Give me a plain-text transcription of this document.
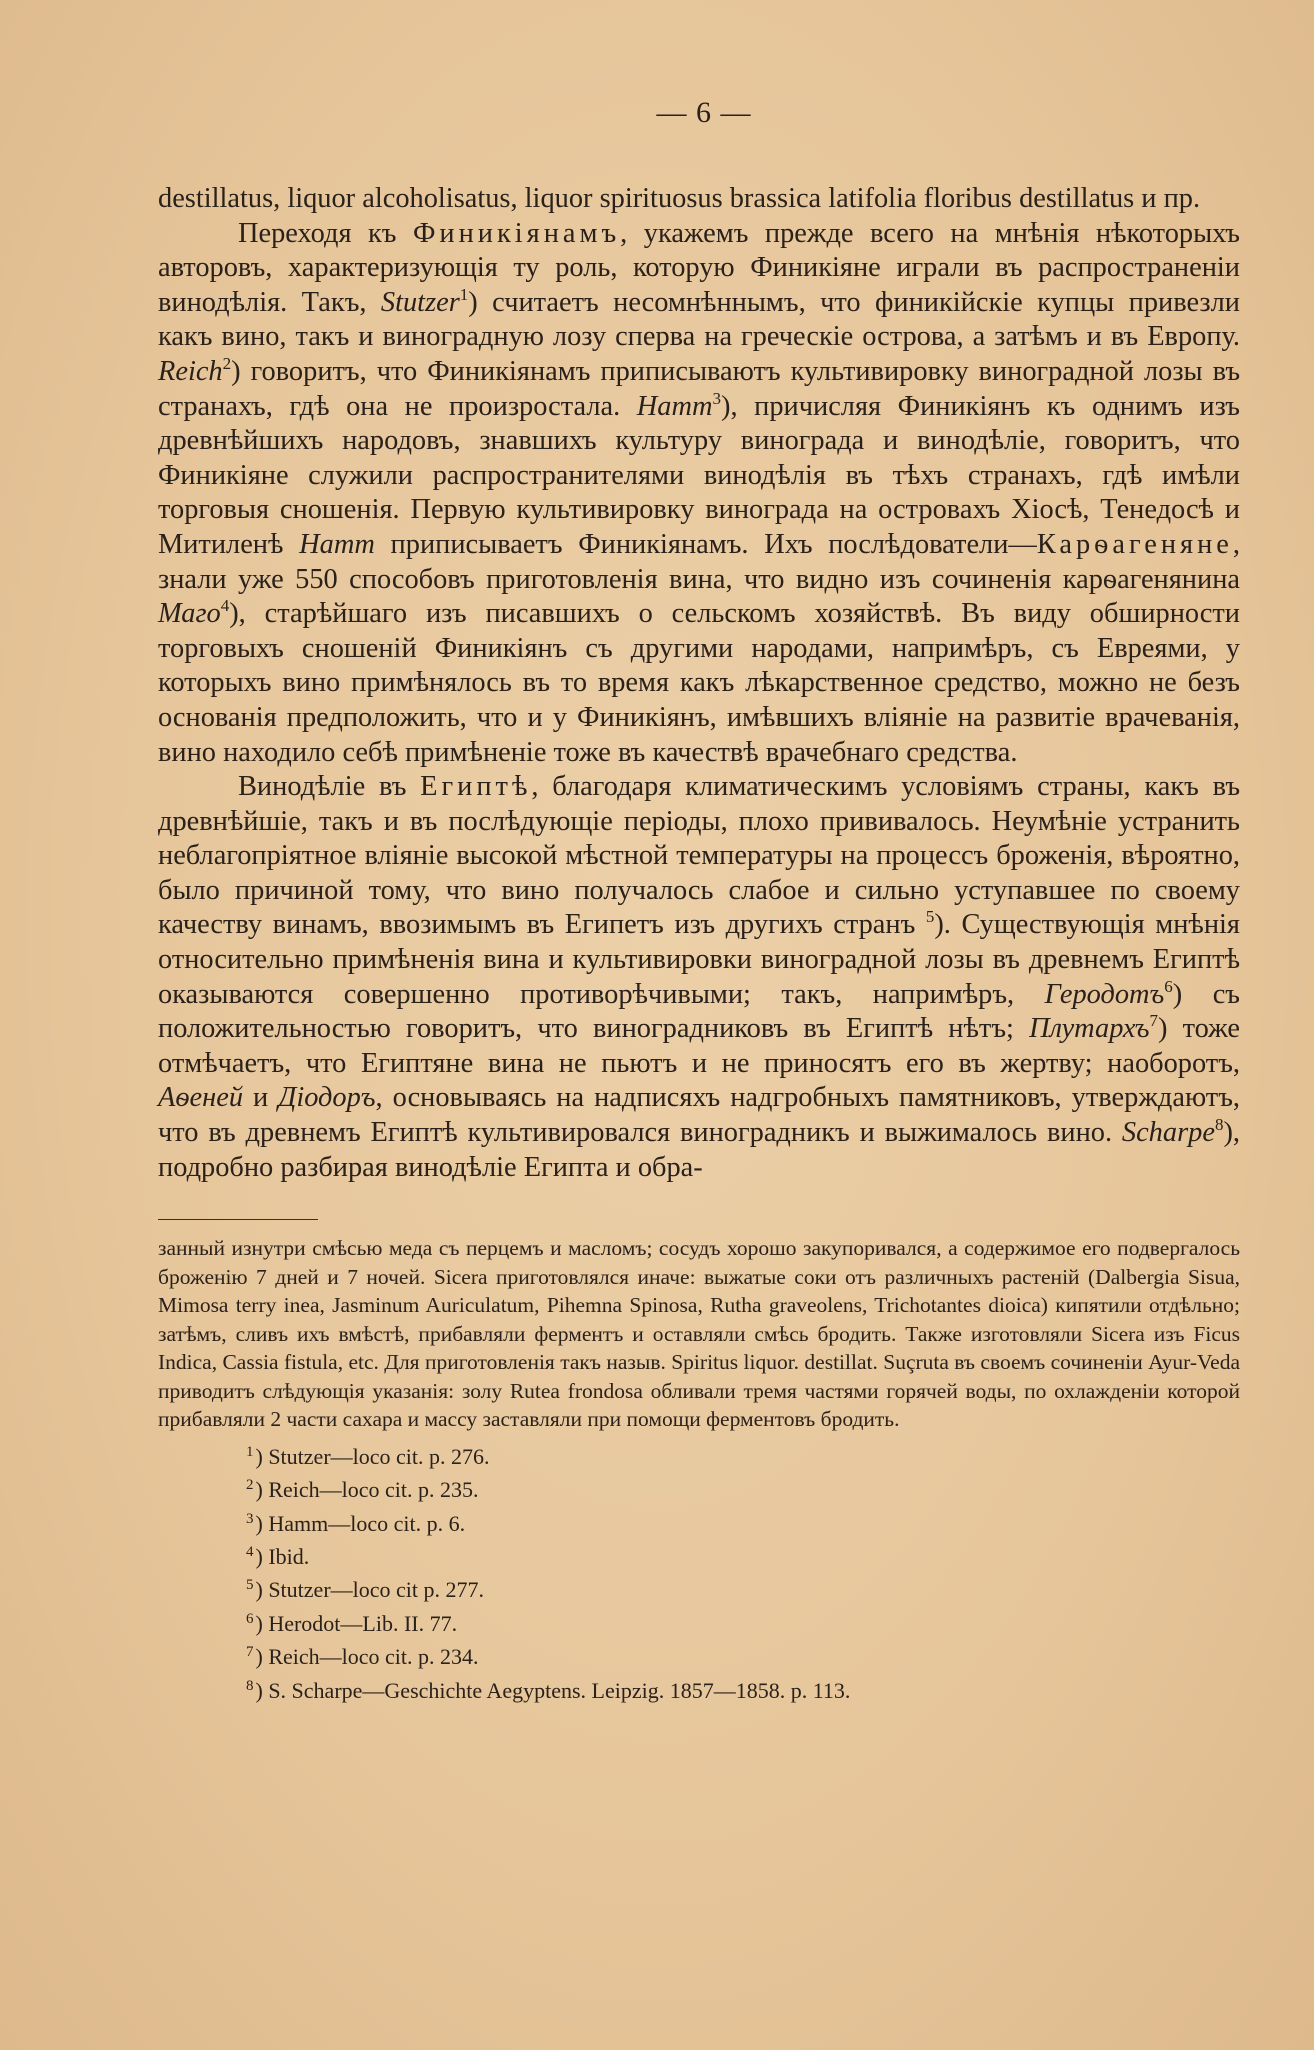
— 6 —

destillatus, liquor alcoholisatus, liquor spirituosus brassica latifolia floribus destillatus и пр.

Переходя къ Финикіянамъ, укажемъ прежде всего на мнѣнія нѣкоторыхъ авторовъ, характеризующія ту роль, которую Финикіяне играли въ распространеніи винодѣлія. Такъ, Stutzer$^1$) считаетъ несомнѣннымъ, что финикійскіе купцы привезли какъ вино, такъ и виноградную лозу сперва на греческіе острова, а затѣмъ и въ Европу. Reich$^2$) говоритъ, что Финикіянамъ приписываютъ культивировку виноградной лозы въ странахъ, гдѣ она не произростала. Hamm$^3$), причисляя Финикіянъ къ однимъ изъ древнѣйшихъ народовъ, знавшихъ культуру винограда и винодѣліе, говоритъ, что Финикіяне служили распространителями винодѣлія въ тѣхъ странахъ, гдѣ имѣли торговыя сношенія. Первую культивировку винограда на островахъ Хіосѣ, Тенедосѣ и Митиленѣ Hamm приписываетъ Финикіянамъ. Ихъ послѣдователи—Карѳагеняне, знали уже 550 способовъ приготовленія вина, что видно изъ сочиненія карѳагенянина Маго$^4$), старѣйшаго изъ писавшихъ о сельскомъ хозяйствѣ. Въ виду обширности торговыхъ сношеній Финикіянъ съ другими народами, напримѣръ, съ Евреями, у которыхъ вино примѣнялось въ то время какъ лѣкарственное средство, можно не безъ основанія предположить, что и у Финикіянъ, имѣвшихъ вліяніе на развитіе врачеванія, вино находило себѣ примѣненіе тоже въ качествѣ врачебнаго средства.

Винодѣліе въ Египтѣ, благодаря климатическимъ условіямъ страны, какъ въ древнѣйшіе, такъ и въ послѣдующіе періоды, плохо прививалось. Неумѣніе устранить неблагопріятное вліяніе высокой мѣстной температуры на процессъ броженія, вѣроятно, было причиной тому, что вино получалось слабое и сильно уступавшее по своему качеству винамъ, ввозимымъ въ Египетъ изъ другихъ странъ $^5$). Существующія мнѣнія относительно примѣненія вина и культивировки виноградной лозы въ древнемъ Египтѣ оказываются совершенно противорѣчивыми; такъ, напримѣръ, Геродотъ$^6$) съ положительностью говоритъ, что виноградниковъ въ Египтѣ нѣтъ; Плутархъ$^7$) тоже отмѣчаетъ, что Египтяне вина не пьютъ и не приносятъ его въ жертву; наоборотъ, Аѳеней и Діодоръ, основываясь на надписяхъ надгробныхъ памятниковъ, утверждаютъ, что въ древнемъ Египтѣ культивировался виноградникъ и выжималось вино. Scharpe$^8$), подробно разбирая винодѣліе Египта и обра-

занный изнутри смѣсью меда съ перцемъ и масломъ; сосудъ хорошо закупоривался, а содержимое его подвергалось броженію 7 дней и 7 ночей. Sicera приготовлялся иначе: выжатые соки отъ различныхъ растеній (Dalbergia Sisua, Mimosa terry inea, Jasminum Auriculatum, Pihemna Spinosa, Rutha graveolens, Trichotantes dioica) кипятили отдѣльно; затѣмъ, сливъ ихъ вмѣстѣ, прибавляли ферментъ и оставляли смѣсь бродить. Также изготовляли Sicera изъ Ficus Indica, Cassia fistula, etc. Для приготовленія такъ назыв. Spiritus liquor. destillat. Suçruta въ своемъ сочиненіи Ayur-Veda приводитъ слѣдующія указанія: золу Rutea frondosa обливали тремя частями горячей воды, по охлажденіи которой прибавляли 2 части сахара и массу заставляли при помощи ферментовъ бродить.

$^1$) Stutzer—loco cit. p. 276.
$^2$) Reich—loco cit. p. 235.
$^3$) Hamm—loco cit. p. 6.
$^4$) Ibid.
$^5$) Stutzer—loco cit p. 277.
$^6$) Herodot—Lib. II. 77.
$^7$) Reich—loco cit. p. 234.
$^8$) S. Scharpe—Geschichte Aegyptens. Leipzig. 1857—1858. p. 113.
